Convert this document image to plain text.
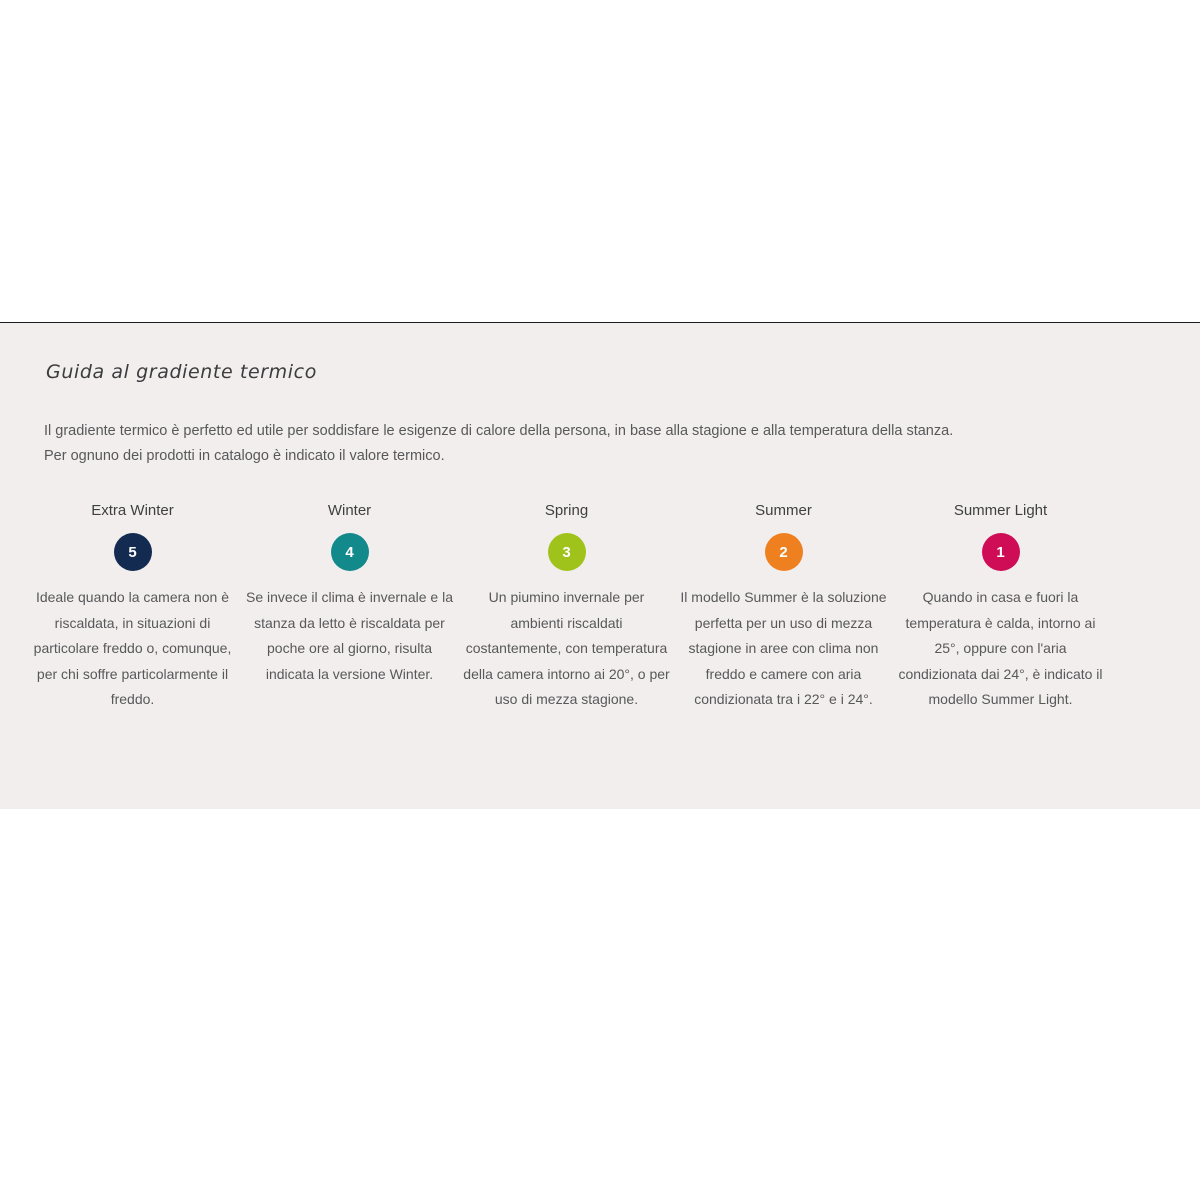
Guida al gradiente termico

Il gradiente termico è perfetto ed utile per soddisfare le esigenze di calore della persona, in base alla stagione e alla temperatura della stanza.

Per ognuno dei prodotti in catalogo è indicato il valore termico.

Extra Winter
5
Ideale quando la camera non è riscaldata, in situazioni di particolare freddo o, comunque, per chi soffre particolarmente il freddo.
Winter
4
Se invece il clima è invernale e la stanza da letto è riscaldata per poche ore al giorno, risulta indicata la versione Winter.
Spring
3
Un piumino invernale per ambienti riscaldati costantemente, con temperatura della camera intorno ai 20°, o per uso di mezza stagione.
Summer
2
Il modello Summer è la soluzione perfetta per un uso di mezza stagione in aree con clima non freddo e camere con aria condizionata tra i 22° e i 24°.
Summer Light
1
Quando in casa e fuori la temperatura è calda, intorno ai 25°, oppure con l'aria condizionata dai 24°, è indicato il modello Summer Light.
